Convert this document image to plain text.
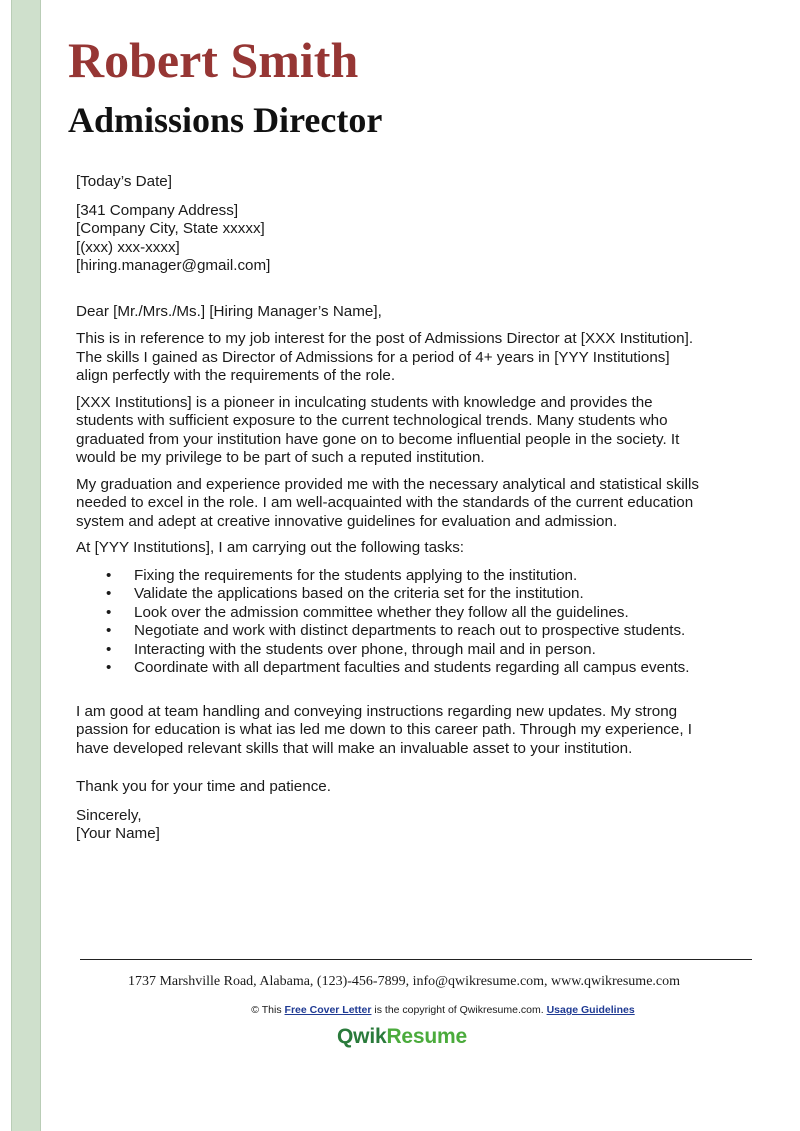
Robert Smith
Admissions Director
[Today’s Date]
[341 Company Address]
[Company City, State xxxxx]
[(xxx) xxx-xxxx]
[hiring.manager@gmail.com]
Dear [Mr./Mrs./Ms.] [Hiring Manager’s Name],
This is in reference to my job interest for the post of Admissions Director at [XXX Institution].
The skills I gained as Director of Admissions for a period of 4+ years in [YYY Institutions]
align perfectly with the requirements of the role.
[XXX Institutions] is a pioneer in inculcating students with knowledge and provides the
students with sufficient exposure to the current technological trends. Many students who
graduated from your institution have gone on to become influential people in the society. It
would be my privilege to be part of such a reputed institution.
My graduation and experience provided me with the necessary analytical and statistical skills
needed to excel in the role. I am well-acquainted with the standards of the current education
system and adept at creative innovative guidelines for evaluation and admission.
At [YYY Institutions], I am carrying out the following tasks:
• Fixing the requirements for the students applying to the institution.
• Validate the applications based on the criteria set for the institution.
• Look over the admission committee whether they follow all the guidelines.
• Negotiate and work with distinct departments to reach out to prospective students.
• Interacting with the students over phone, through mail and in person.
• Coordinate with all department faculties and students regarding all campus events.
I am good at team handling and conveying instructions regarding new updates. My strong
passion for education is what ias led me down to this career path. Through my experience, I
have developed relevant skills that will make an invaluable asset to your institution.
Thank you for your time and patience.
Sincerely,
[Your Name]
1737 Marshville Road, Alabama, (123)-456-7899, info@qwikresume.com, www.qwikresume.com
© This Free Cover Letter is the copyright of Qwikresume.com. Usage Guidelines
QwikResume
